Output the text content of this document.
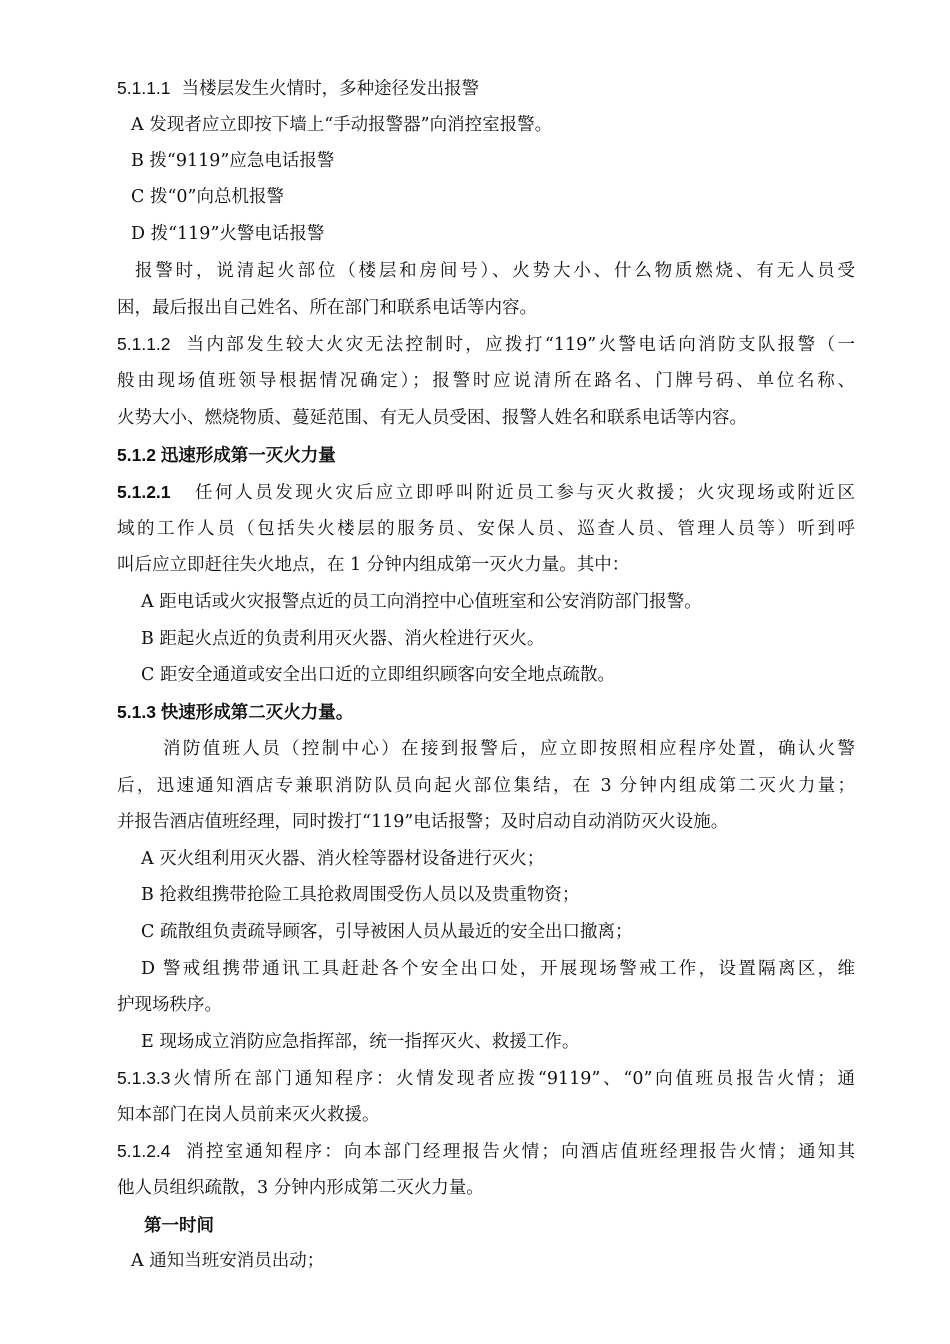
5.1.1.1 当楼层发生火情时，多种途径发出报警
A 发现者应立即按下墙上“手动报警器”向消控室报警。
B 拨“9119”应急电话报警
C 拨“0”向总机报警
D 拨“119”火警电话报警
报警时，说清起火部位（楼层和房间号）、火势大小、什么物质燃烧、有无人员受
困，最后报出自己姓名、所在部门和联系电话等内容。
5.1.1.2 当内部发生较大火灾无法控制时，应拨打“119”火警电话向消防支队报警（一
般由现场值班领导根据情况确定）；报警时应说清所在路名、门牌号码、单位名称、
火势大小、燃烧物质、蔓延范围、有无人员受困、报警人姓名和联系电话等内容。
5.1.2 迅速形成第一灭火力量
5.1.2.1 任何人员发现火灾后应立即呼叫附近员工参与灭火救援；火灾现场或附近区
域的工作人员（包括失火楼层的服务员、安保人员、巡查人员、管理人员等）听到呼
叫后应立即赶往失火地点，在 1 分钟内组成第一灭火力量。其中：
A 距电话或火灾报警点近的员工向消控中心值班室和公安消防部门报警。
B 距起火点近的负责利用灭火器、消火栓进行灭火。
C 距安全通道或安全出口近的立即组织顾客向安全地点疏散。
5.1.3 快速形成第二灭火力量。
消防值班人员（控制中心）在接到报警后，应立即按照相应程序处置，确认火警
后，迅速通知酒店专兼职消防队员向起火部位集结，在 3 分钟内组成第二灭火力量；
并报告酒店值班经理，同时拨打“119”电话报警；及时启动自动消防灭火设施。
A 灭火组利用灭火器、消火栓等器材设备进行灭火；
B 抢救组携带抢险工具抢救周围受伤人员以及贵重物资；
C 疏散组负责疏导顾客，引导被困人员从最近的安全出口撤离；
D 警戒组携带通讯工具赶赴各个安全出口处，开展现场警戒工作，设置隔离区，维
护现场秩序。
E 现场成立消防应急指挥部，统一指挥灭火、救援工作。
5.1.3.3火情所在部门通知程序：火情发现者应拨“9119”、“0”向值班员报告火情；通
知本部门在岗人员前来灭火救援。
5.1.2.4 消控室通知程序：向本部门经理报告火情；向酒店值班经理报告火情；通知其
他人员组织疏散，3 分钟内形成第二灭火力量。
第一时间
A 通知当班安消员出动；
